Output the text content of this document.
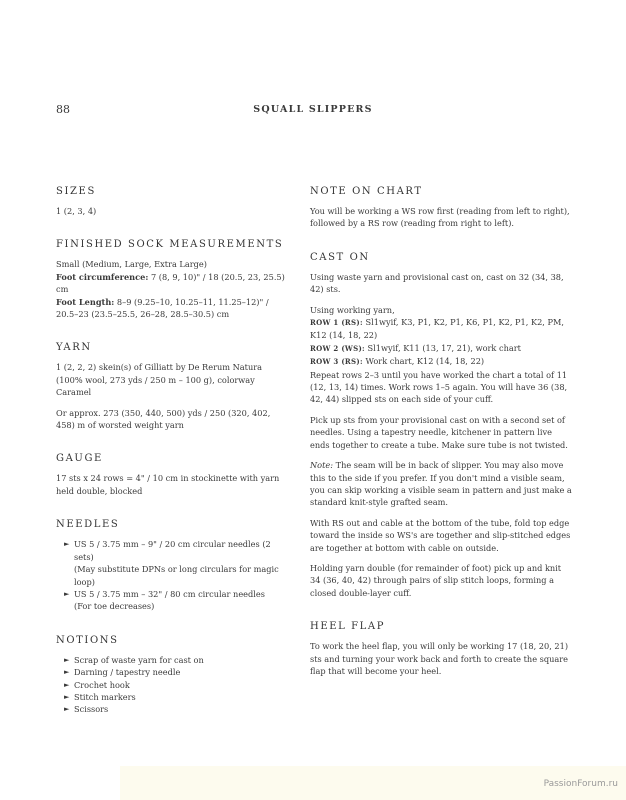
88	SQUALL SLIPPERS
SIZES

1 (2, 3, 4)

FINISHED SOCK MEASUREMENTS

Small (Medium, Large, Extra Large)

Foot circumference: 7 (8, 9, 10)" / 18 (20.5, 23, 25.5) cm

Foot Length: 8–9 (9.25–10, 10.25–11, 11.25–12)" / 20.5–23 (23.5–25.5, 26–28, 28.5–30.5) cm

YARN

1 (2, 2, 2) skein(s) of Gilliatt by De Rerum Natura (100% wool, 273 yds / 250 m – 100 g), colorway Caramel

Or approx. 273 (350, 440, 500) yds / 250 (320, 402, 458) m of worsted weight yarn

GAUGE

17 sts x 24 rows = 4" / 10 cm in stockinette with yarn held double, blocked

NEEDLES
► US 5 / 3.75 mm – 9" / 20 cm circular needles (2 sets)
(May substitute DPNs or long circulars for magic loop)
► US 5 / 3.75 mm – 32" / 80 cm circular needles
(For toe decreases)
NOTIONS
► Scrap of waste yarn for cast on
► Darning / tapestry needle
► Crochet hook
► Stitch markers
► Scissors
NOTE ON CHART

You will be working a WS row first (reading from left to right), followed by a RS row (reading from right to left).

CAST ON

Using waste yarn and provisional cast on, cast on 32 (34, 38, 42) sts.

Using working yarn,

ROW 1 (RS): Sl1wyif, K3, P1, K2, P1, K6, P1, K2, P1, K2, PM, K12 (14, 18, 22)

ROW 2 (WS): Sl1wyif, K11 (13, 17, 21), work chart

ROW 3 (RS): Work chart, K12 (14, 18, 22)

Repeat rows 2–3 until you have worked the chart a total of 11 (12, 13, 14) times. Work rows 1–5 again. You will have 36 (38, 42, 44) slipped sts on each side of your cuff.

Pick up sts from your provisional cast on with a second set of needles. Using a tapestry needle, kitchener in pattern live ends together to create a tube. Make sure tube is not twisted.

Note: The seam will be in back of slipper. You may also move this to the side if you prefer. If you don't mind a visible seam, you can skip working a visible seam in pattern and just make a standard knit-style grafted seam.

With RS out and cable at the bottom of the tube, fold top edge toward the inside so WS's are together and slip-stitched edges are together at bottom with cable on outside.

Holding yarn double (for remainder of foot) pick up and knit 34 (36, 40, 42) through pairs of slip stitch loops, forming a closed double-layer cuff.

HEEL FLAP

To work the heel flap, you will only be working 17 (18, 20, 21) sts and turning your work back and forth to create the square flap that will become your heel.

PassionForum.ru
